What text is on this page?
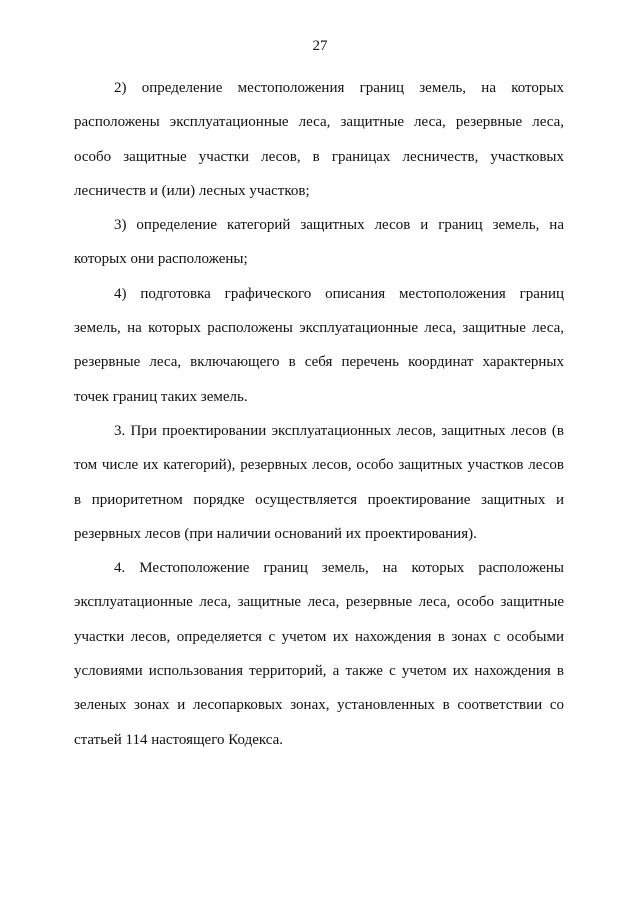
27
2) определение местоположения границ земель, на которых
расположены эксплуатационные леса, защитные леса, резервные леса,
особо защитные участки лесов, в границах лесничеств, участковых
лесничеств и (или) лесных участков;
3) определение категорий защитных лесов и границ земель, на
которых они расположены;
4) подготовка графического описания местоположения границ
земель, на которых расположены эксплуатационные леса, защитные леса,
резервные леса, включающего в себя перечень координат характерных
точек границ таких земель.
3. При проектировании эксплуатационных лесов, защитных лесов (в
том числе их категорий), резервных лесов, особо защитных участков лесов
в приоритетном порядке осуществляется проектирование защитных и
резервных лесов (при наличии оснований их проектирования).
4. Местоположение границ земель, на которых расположены
эксплуатационные леса, защитные леса, резервные леса, особо защитные
участки лесов, определяется с учетом их нахождения в зонах с особыми
условиями использования территорий, а также с учетом их нахождения в
зеленых зонах и лесопарковых зонах, установленных в соответствии со
статьей 114 настоящего Кодекса.
